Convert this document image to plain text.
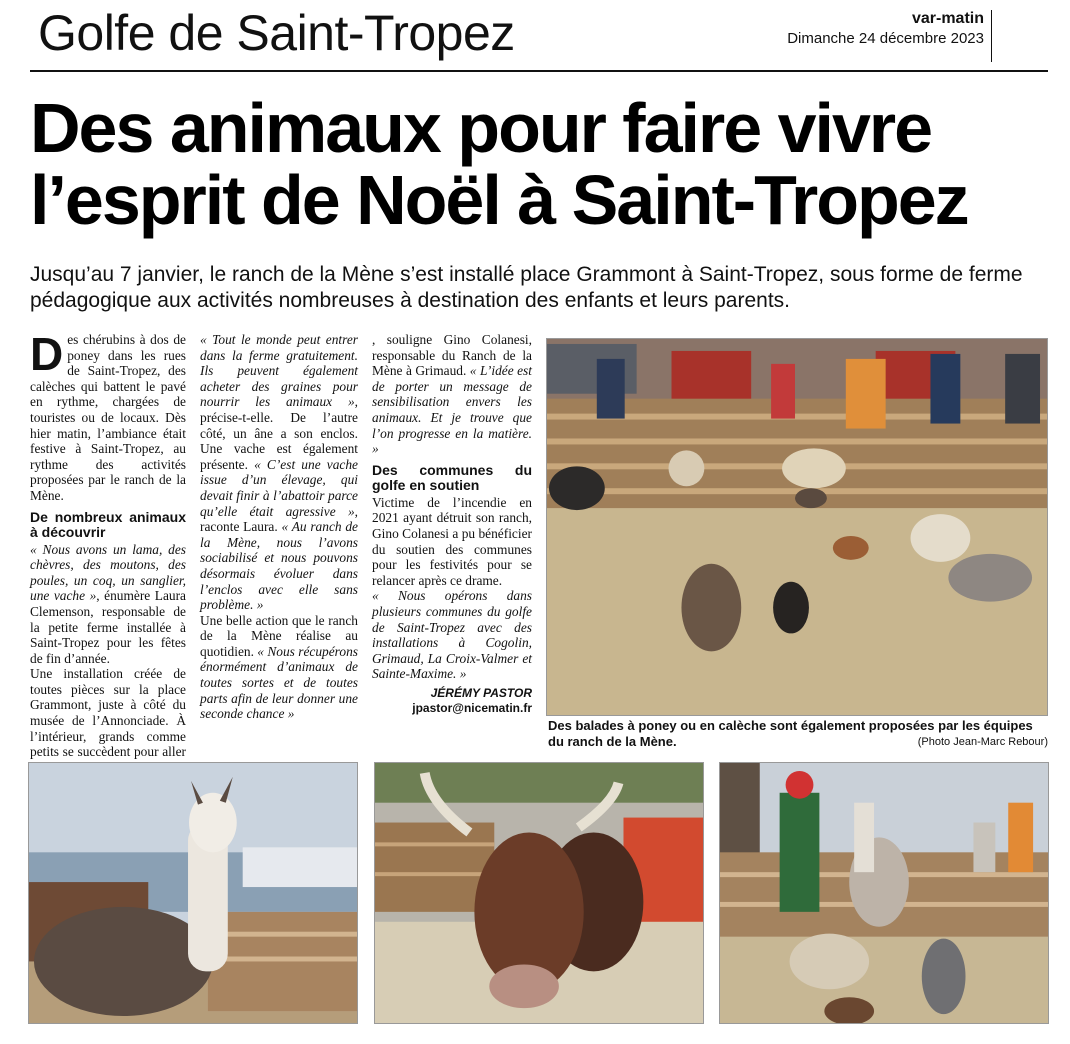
Golfe de Saint-Tropez	var-matin
Dimanche 24 décembre 2023
Des animaux pour faire vivre l’esprit de Noël à Saint-Tropez

Jusqu’au 7 janvier, le ranch de la Mène s’est installé place Grammont à Saint-Tropez, sous forme de ferme pédagogique aux activités nombreuses à destination des enfants et leurs parents.

Des chérubins à dos de poney dans les rues de Saint-Tropez, des calèches qui battent le pavé en rythme, chargées de touristes ou de locaux. Dès hier matin, l’ambiance était festive à Saint-Tropez, au rythme des activités proposées par le ranch de la Mène.

De nombreux animaux à découvrir

« Nous avons un lama, des chèvres, des moutons, des poules, un coq, un sanglier, une vache », énumère Laura Clemenson, responsable de la petite ferme installée à Saint-Tropez pour les fêtes de fin d’année.

Une installation créée de toutes pièces sur la place Grammont, juste à côté du musée de l’Annonciade. À l’intérieur, grands comme petits se succèdent pour aller

« Tout le monde peut entrer dans la ferme gratuitement. Ils peuvent également acheter des graines pour nourrir les animaux », précise-t-elle. De l’autre côté, un âne a son enclos. Une vache est également présente. « C’est une vache issue d’un élevage, qui devait finir à l’abattoir parce qu’elle était agressive », raconte Laura. « Au ranch de la Mène, nous l’avons sociabilisé et nous pouvons désormais évoluer dans l’enclos avec elle sans problème. »

Une belle action que le ranch de la Mène réalise au quotidien. « Nous récupérons énormément d’animaux de toutes sortes et de toutes parts afin de leur donner une seconde chance »

, souligne Gino Colanesi, responsable du Ranch de la Mène à Grimaud. « L’idée est de porter un message de sensibilisation envers les animaux. Et je trouve que l’on progresse en la matière. »

Des communes du golfe en soutien

Victime de l’incendie en 2021 ayant détruit son ranch, Gino Colanesi a pu bénéficier du soutien des communes pour les festivités pour se relancer après ce drame.

« Nous opérons dans plusieurs communes du golfe de Saint-Tropez avec des installations à Cogolin, Grimaud, La Croix-Valmer et Sainte-Maxime. »

JÉRÉMY PASTOR
jpastor@nicematin.fr
Des balades à poney ou en calèche sont également proposées par les équipes du ranch de la Mène.	(Photo Jean-Marc Rebour)
